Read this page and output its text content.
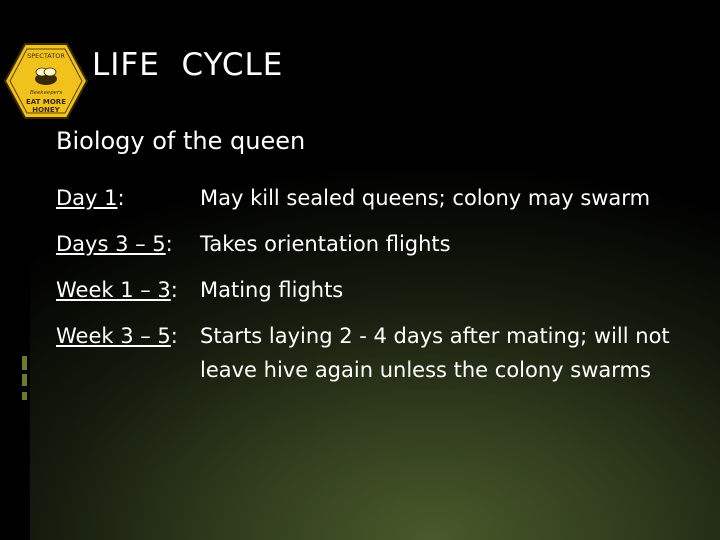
SPECTATOR
Beekeepers
EAT MORE
HONEY
LIFE  CYCLE
Biology of the queen
Day 1:	May kill sealed queens; colony may swarm
Days 3 – 5:	Takes orientation flights
Week 1 – 3:	Mating flights
Week 3 – 5:	Starts laying 2 - 4 days after mating; will not leave hive again unless the colony swarms
